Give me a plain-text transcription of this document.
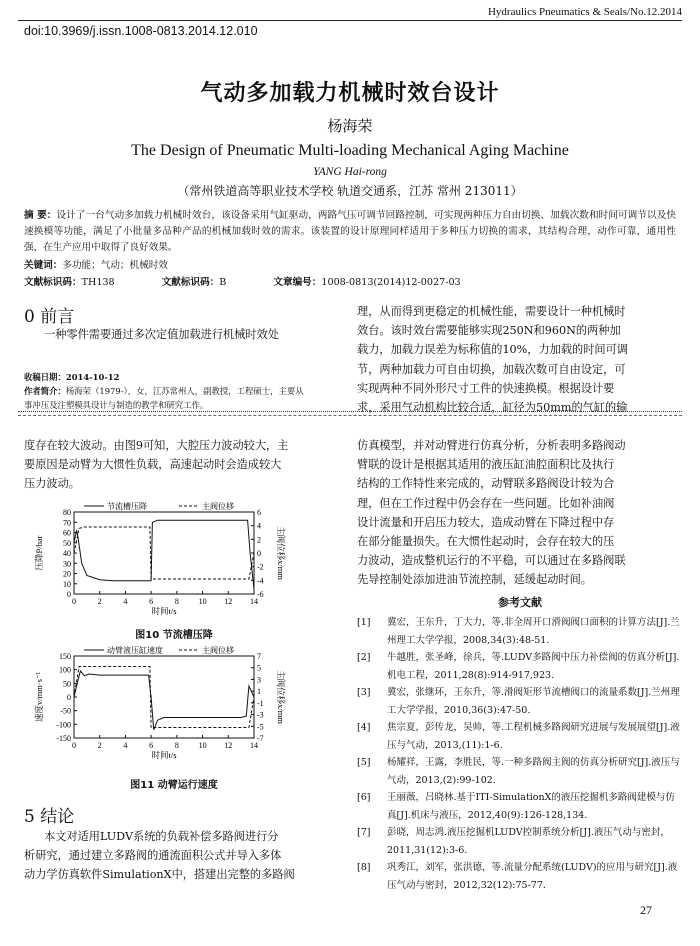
Hydraulics Pneumatics & Seals/No.12.2014
doi:10.3969/j.issn.1008-0813.2014.12.010
气动多加载力机械时效台设计
杨海荣
The Design of Pneumatic Multi-loading Mechanical Aging Machine
YANG Hai-rong
（常州铁道高等职业技术学校 轨道交通系，江苏 常州 213011）
摘 要：设计了一台气动多加载力机械时效台，该设备采用气缸驱动，两路气压可调节回路控制，可实现两种压力自由切换、加载次数和时间可调节以及快速换模等功能，满足了小批量多品种产品的机械加载时效的需求。该装置的设计原理同样适用于多种压力切换的需求，其结构合理，动作可靠，通用性强，在生产应用中取得了良好效果。
关键词：多功能；气动；机械时效
文献标识码：TH138	文献标识码：B	文章编号：1008-0813(2014)12-0027-03
0 前言
一种零件需要通过多次定值加载进行机械时效处
收稿日期：2014-10-12
作者简介：杨海荣（1979-），女，江苏常州人，副教授，工程硕士，主要从
事冲压及注塑模具设计与制造的教学和研究工作。
理，从而得到更稳定的机械性能，需要设计一种机械时
效台。该时效台需要能够实现250N和960N的两种加
载力，加载力误差为标称值的10%，力加载的时间可调
节，两种加载力可自由切换，加载次数可自由设定，可
实现两种不同外形尺寸工件的快速换模。根据设计要
求，采用气动机构比较合适，缸径为50mm的气缸的输
度存在较大波动。由图9可知，大腔压力波动较大，主
要原因是动臂为大惯性负载，高速起动时会造成较大
压力波动。
0	2	4	6	8 10 12 14
0
10
20
30
40
50
60
70
80
-6
-4
-2
0
2
4
6
时间t/s
压降P/bar	主阀位移x/mm
节流槽压降	主阀位移
图10 节流槽压降
0	2	4	6	8 10 12 14
-150
-100
-50
0
50
100
150
-7
-5
-3
-1
1
3
5
7
时间t/s
速度v/mm·s⁻¹	主阀位移x/mm
动臂液压缸速度	主阀位移
图11 动臂运行速度
5 结论
本文对适用LUDV系统的负载补偿多路阀进行分
析研究，通过建立多路阀的通流面积公式并导入多体
动力学仿真软件SimulationX中，搭建出完整的多路阀
仿真模型，并对动臂进行仿真分析，分析表明多路阀动
臂联的设计是根据其适用的液压缸油腔面积比及执行
结构的工作特性来完成的，动臂联多路阀设计较为合
理，但在工作过程中仍会存在一些问题。比如补油阀
设计流量和开启压力较大，造成动臂在下降过程中存
在部分能量损失。在大惯性起动时，会存在较大的压
力波动，造成整机运行的不平稳，可以通过在多路阀联
先导控制处添加进油节流控制，延缓起动时间。
参考文献
[1]	冀宏，王东升，丁大力，等.非全周开口滑阀阀口面积的计算方法[J].兰州理工大学学报，2008,34(3):48-51.
[2]	牛越胜，张圣峰，徐兵，等.LUDV多路阀中压力补偿阀的仿真分析[J].机电工程，2011,28(8):914-917,923.
[3]	冀宏，张继环，王东升，等.滑阀矩形节流槽阀口的流量系数[J].兰州理工大学学报，2010,36(3):47-50.
[4]	焦宗夏，彭传龙，吴帅，等.工程机械多路阀研究进展与发展展望[J].液压与气动，2013,(11):1-6.
[5]	杨耀祥，王露，李胜民，等.一种多路阀主阀的仿真分析研究[J].液压与气动，2013,(2):99-102.
[6]	王丽薇，吕晓林.基于ITI-SimulationX的液压挖掘机多路阀建模与仿真[J].机床与液压，2012,40(9):126-128,134.
[7]	彭晓，周志鸿.液压挖掘机LUDV控制系统分析[J].液压气动与密封，2011,31(12):3-6.
[8]	巩秀江，刘军，张洪德，等.流量分配系统(LUDV)的应用与研究[J].液压气动与密封，2012,32(12):75-77.
27
